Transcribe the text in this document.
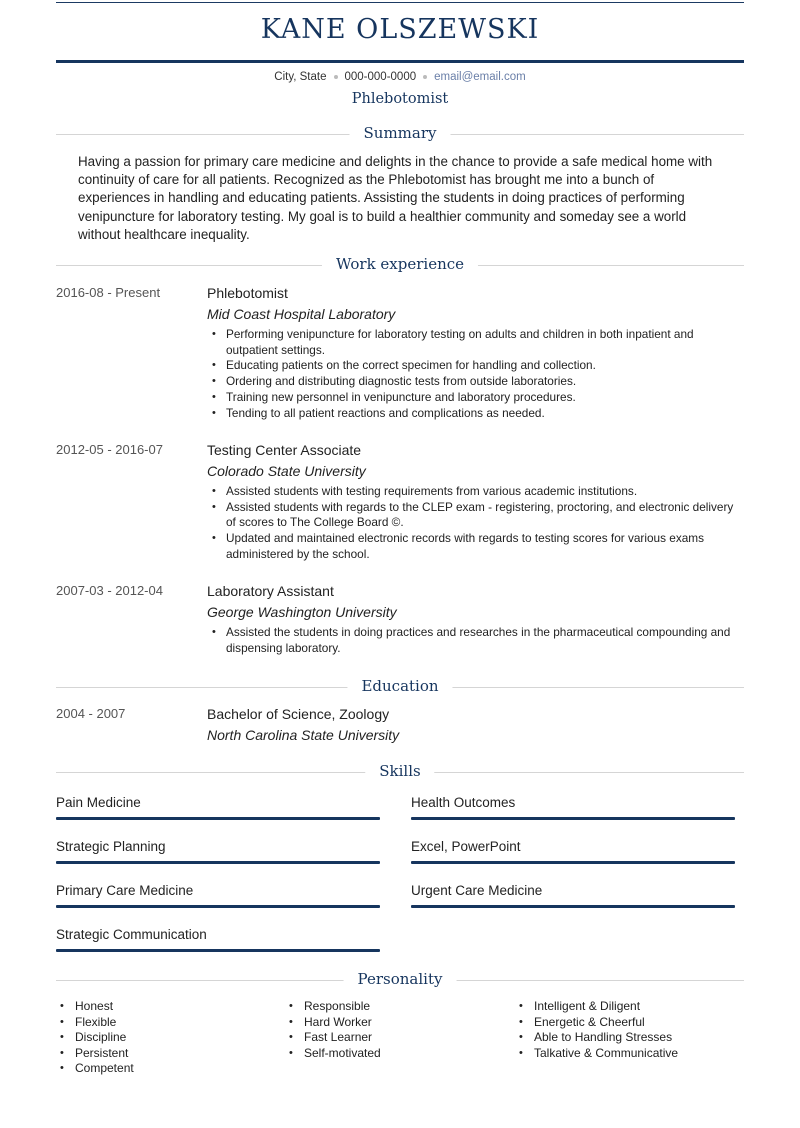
KANE OLSZEWSKI
City, State 000-000-0000 email@email.com
Phlebotomist
Summary
Having a passion for primary care medicine and delights in the chance to provide a safe medical home with continuity of care for all patients. Recognized as the Phlebotomist has brought me into a bunch of experiences in handling and educating patients. Assisting the students in doing practices of performing venipuncture for laboratory testing. My goal is to build a healthier community and someday see a world without healthcare inequality.
Work experience
2016-08 - Present	Phlebotomist
Mid Coast Hospital Laboratory
• Performing venipuncture for laboratory testing on adults and children in both inpatient and outpatient settings.
• Educating patients on the correct specimen for handling and collection.
• Ordering and distributing diagnostic tests from outside laboratories.
• Training new personnel in venipuncture and laboratory procedures.
• Tending to all patient reactions and complications as needed.
2012-05 - 2016-07	Testing Center Associate
Colorado State University
• Assisted students with testing requirements from various academic institutions.
• Assisted students with regards to the CLEP exam - registering, proctoring, and electronic delivery of scores to The College Board ©.
• Updated and maintained electronic records with regards to testing scores for various exams administered by the school.
2007-03 - 2012-04	Laboratory Assistant
George Washington University
• Assisted the students in doing practices and researches in the pharmaceutical compounding and dispensing laboratory.
Education
2004 - 2007	Bachelor of Science, Zoology
North Carolina State University
Skills
Pain Medicine	Health Outcomes
Strategic Planning	Excel, PowerPoint
Primary Care Medicine	Urgent Care Medicine
Strategic Communication
Personality
• Honest
• Flexible
• Discipline
• Persistent
• Competent
• Responsible
• Hard Worker
• Fast Learner
• Self-motivated
• Intelligent & Diligent
• Energetic & Cheerful
• Able to Handling Stresses
• Talkative & Communicative
